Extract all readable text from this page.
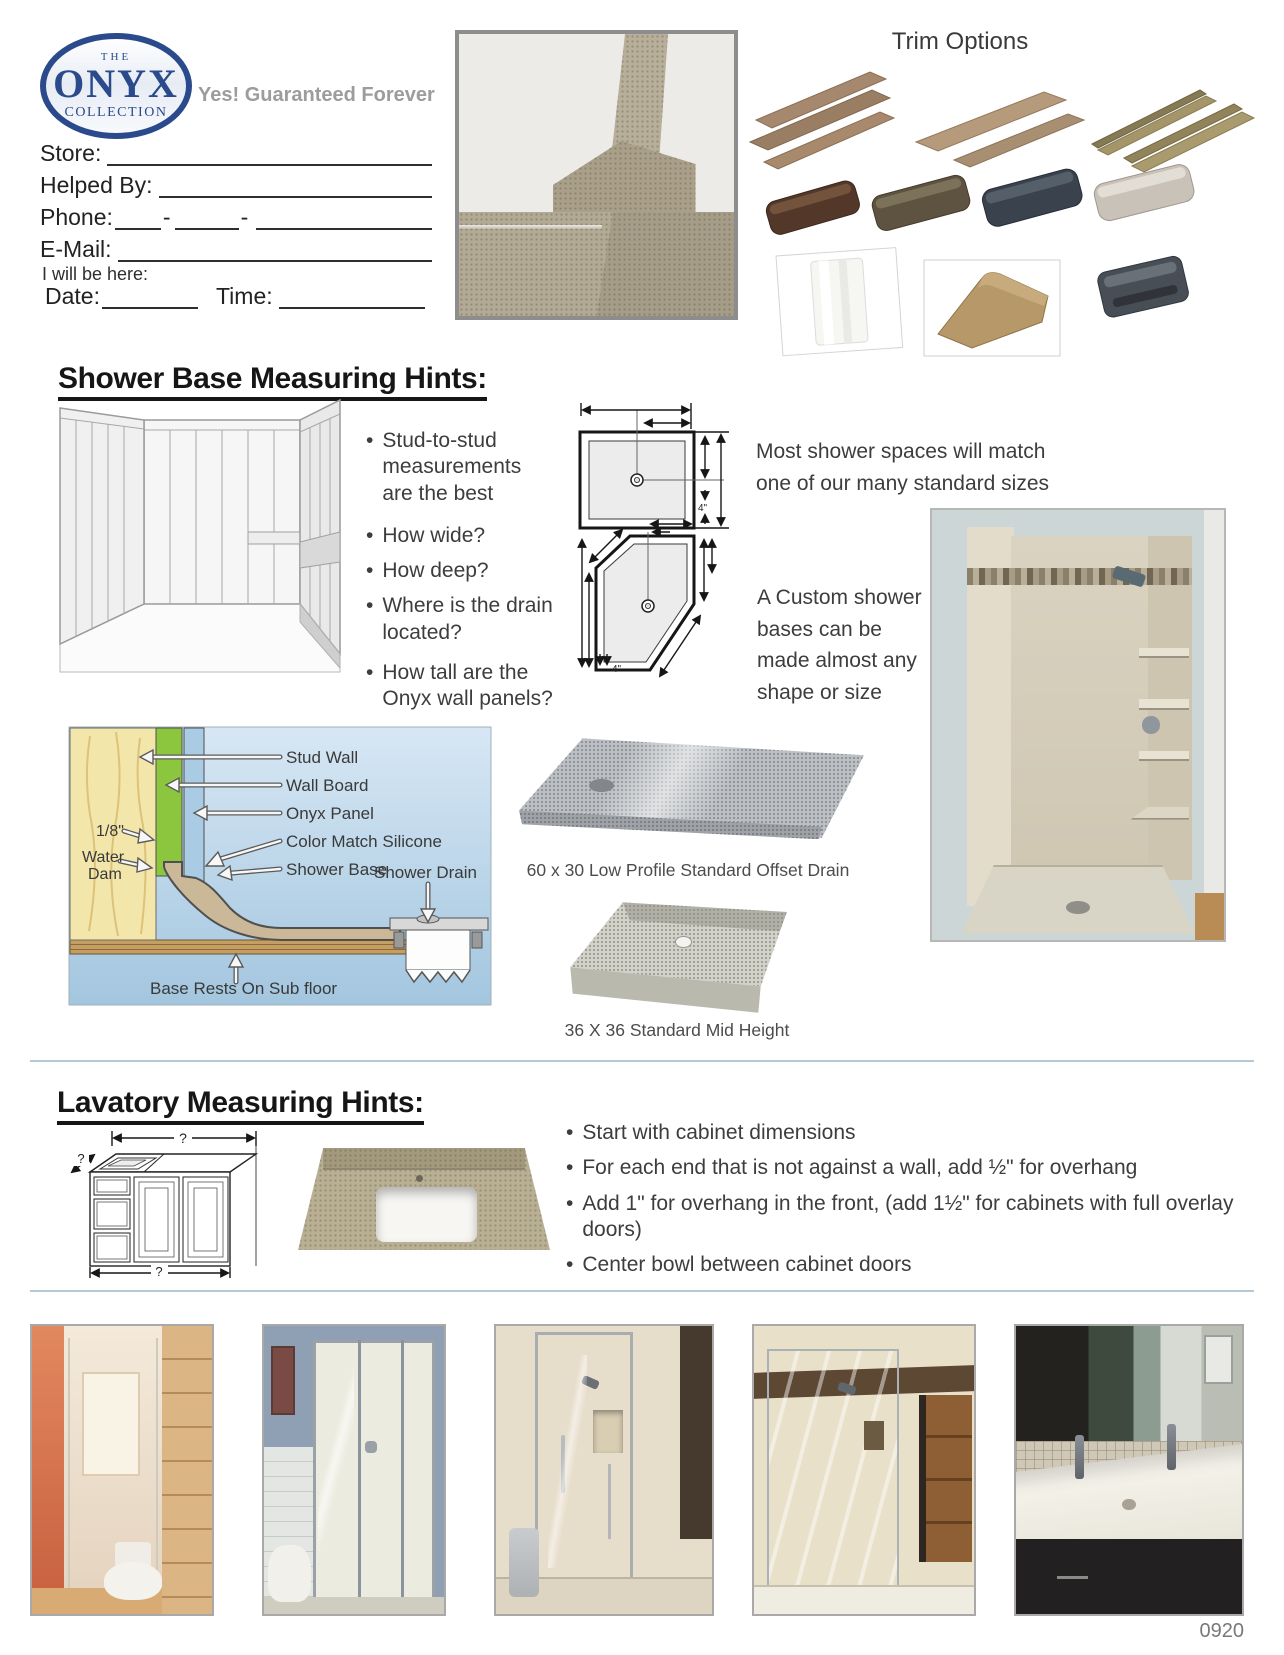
THE
ONYX
COLLECTION
Yes! Guaranteed Forever
Store:
Helped By:
Phone: -	-
E-Mail:
I will be here:
Date:	Time:
Trim Options
Shower Base Measuring Hints:
• Stud-to-stud measurements are the best
• How wide?
• How deep?
• Where is the drain located?
• How tall are the Onyx wall panels?
4"
Most shower spaces will match
one of our many standard sizes
4"
A Custom shower
bases can be
made almost any
shape or size
Stud Wall
Wall Board
Onyx Panel
Color Match Silicone
Shower Base
Shower Drain
1/8"
Water
Dam
Base Rests On Sub floor
60 x 30 Low Profile Standard Offset Drain
36 X 36 Standard Mid Height
Lavatory Measuring Hints:
?
?
?
• Start with cabinet dimensions
• For each end that is not against a wall, add ½" for overhang
• Add 1" for overhang in the front, (add 1½" for cabinets with full overlay doors)
• Center bowl between cabinet doors
0920
